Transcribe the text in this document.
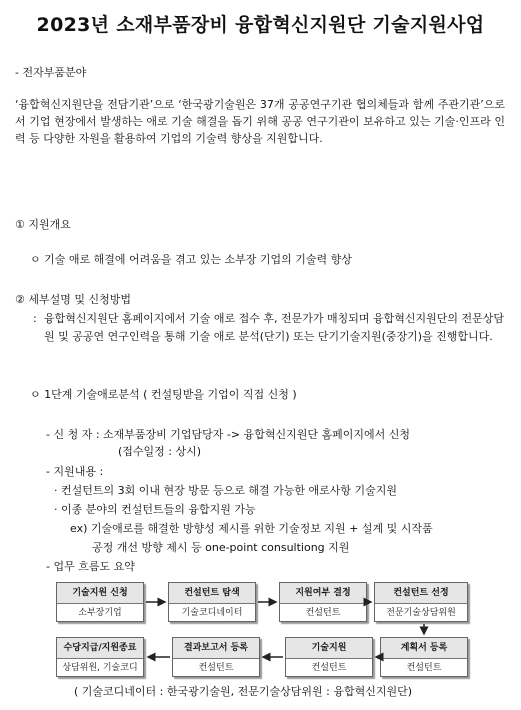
2023년 소재부품장비 융합혁신지원단 기술지원사업
- 전자부품분야
‘융합혁신지원단을 전담기관’으로 ‘한국광기술원은 37개 공공연구기관 협의체들과 함께 주관기관’으로서 기업 현장에서 발생하는 애로 기술 해결을 돕기 위해 공공 연구기관이 보유하고 있는 기술·인프라 인력 등 다양한 자원을 활용하여 기업의 기술력 향상을 지원합니다.
① 지원개요
ㅇ 기술 애로 해결에 어려움을 겪고 있는 소부장 기업의 기술력 향상
② 세부설명 및 신청방법
: 융합혁신지원단 홈페이지에서 기술 애로 접수 후, 전문가가 매칭되며 융합혁신지원단의 전문상담원 및 공공연 연구인력을 통해 기술 애로 분석(단기) 또는 단기기술지원(중장기)을 진행합니다.
ㅇ 1단계 기술애로분석 ( 컨설팅받을 기업이 직접 신청 )
- 신 청 자 : 소재부품장비 기업담당자 -> 융합혁신지원단 홈페이지에서 신청
(접수일정 : 상시)
- 지원내용 :
· 컨설턴트의 3회 이내 현장 방문 등으로 해결 가능한 애로사항 기술지원
· 이종 분야의 컨설턴트들의 융합지원 가능
ex) 기술애로를 해결한 방향성 제시를 위한 기술정보 지원 + 설계 및 시작품
공정 개선 방향 제시 등 one-point consultiong 지원
- 업무 흐름도 요약
기술지원 신청
소부장기업
컨설턴트 탐색
기술코디네이터
지원여부 결정
컨설턴트
컨설턴트 선정
전문기술상담위원
수당지급/지원종료
상담위원, 기술코디
결과보고서 등록
컨설턴트
기술지원
컨설턴트
계획서 등록
컨설턴트
( 기술코디네이터 : 한국광기술원, 전문기술상담위원 : 융합혁신지원단)
